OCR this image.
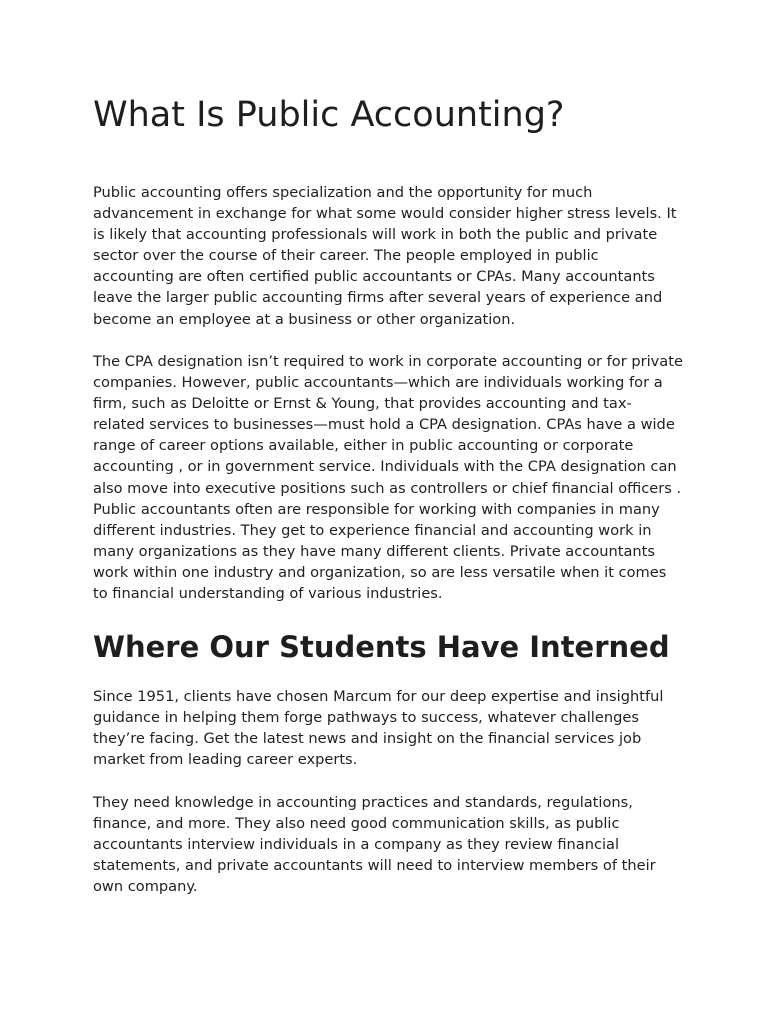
What Is Public Accounting?

Public accounting offers specialization and the opportunity for much advancement in exchange for what some would consider higher stress levels. It is likely that accounting professionals will work in both the public and private sector over the course of their career. The people employed in public accounting are often certified public accountants or CPAs. Many accountants leave the larger public accounting firms after several years of experience and become an employee at a business or other organization.

The CPA designation isn’t required to work in corporate accounting or for private companies. However, public accountants—which are individuals working for a firm, such as Deloitte or Ernst & Young, that provides accounting and tax-related services to businesses—must hold a CPA designation. CPAs have a wide range of career options available, either in public accounting or corporate accounting , or in government service. Individuals with the CPA designation can also move into executive positions such as controllers or chief financial officers . Public accountants often are responsible for working with companies in many different industries. They get to experience financial and accounting work in many organizations as they have many different clients. Private accountants work within one industry and organization, so are less versatile when it comes to financial understanding of various industries.

Where Our Students Have Interned

Since 1951, clients have chosen Marcum for our deep expertise and insightful guidance in helping them forge pathways to success, whatever challenges they’re facing. Get the latest news and insight on the financial services job market from leading career experts.

They need knowledge in accounting practices and standards, regulations, finance, and more. They also need good communication skills, as public accountants interview individuals in a company as they review financial statements, and private accountants will need to interview members of their own company.
